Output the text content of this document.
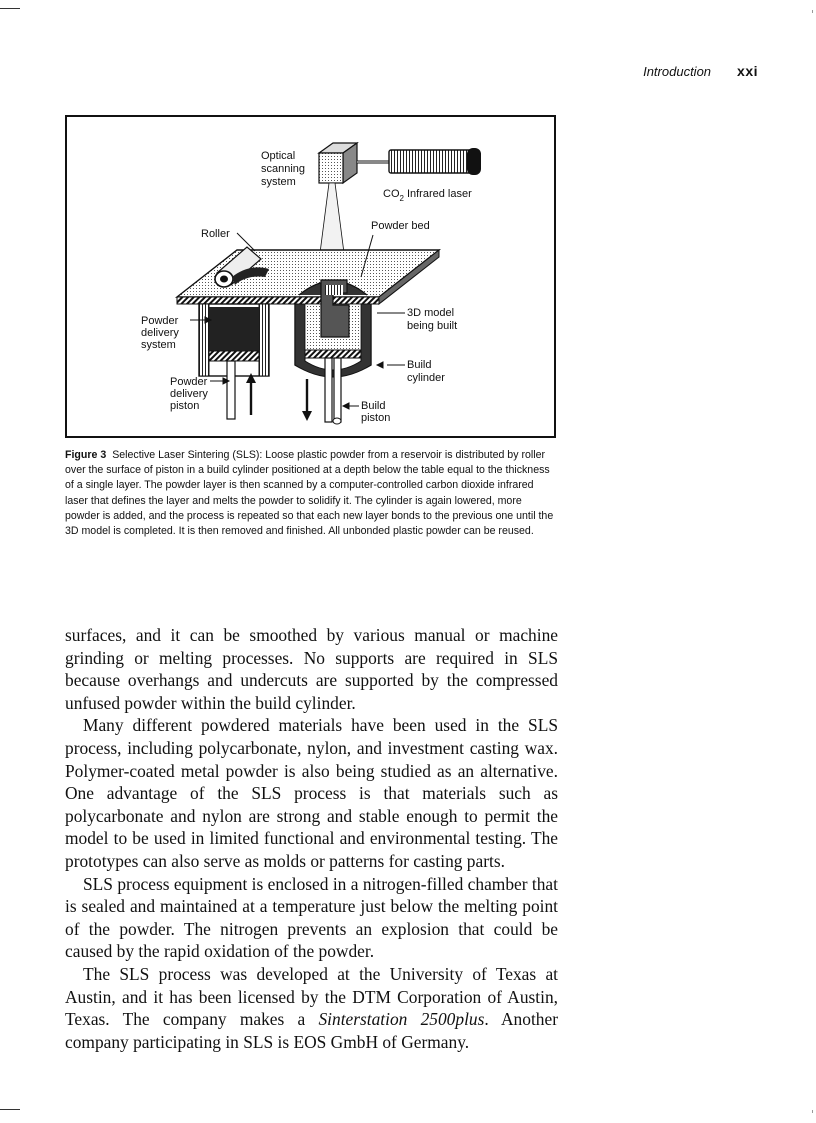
Introduction xxi
Optical scanning system
$CO_2$ Infrared laser
Roller
Powder bed
Powder delivery system
3D model being built
Build cylinder
Powder delivery piston	Build piston
Figure 3 Selective Laser Sintering (SLS): Loose plastic powder from a reservoir is distributed by roller over the surface of piston in a build cylinder positioned at a depth below the table equal to the thickness of a single layer. The powder layer is then scanned by a computer-controlled carbon dioxide infrared laser that defines the layer and melts the powder to solidify it. The cylinder is again lowered, more powder is added, and the process is repeated so that each new layer bonds to the previous one until the 3D model is completed. It is then removed and finished. All unbonded plastic powder can be reused.

surfaces, and it can be smoothed by various manual or machine grinding or melting processes. No supports are required in SLS because overhangs and undercuts are supported by the compressed unfused powder within the build cylinder.

Many different powdered materials have been used in the SLS process, including polycarbonate, nylon, and investment casting wax. Polymer-coated metal powder is also being studied as an alternative. One advantage of the SLS process is that materials such as polycarbonate and nylon are strong and stable enough to permit the model to be used in limited functional and environmental testing. The prototypes can also serve as molds or patterns for casting parts.

SLS process equipment is enclosed in a nitrogen-filled chamber that is sealed and maintained at a temperature just below the melting point of the powder. The nitrogen prevents an explosion that could be caused by the rapid oxidation of the powder.

The SLS process was developed at the University of Texas at Austin, and it has been licensed by the DTM Corporation of Austin, Texas. The company makes a Sinterstation 2500plus. Another company participating in SLS is EOS GmbH of Germany.
